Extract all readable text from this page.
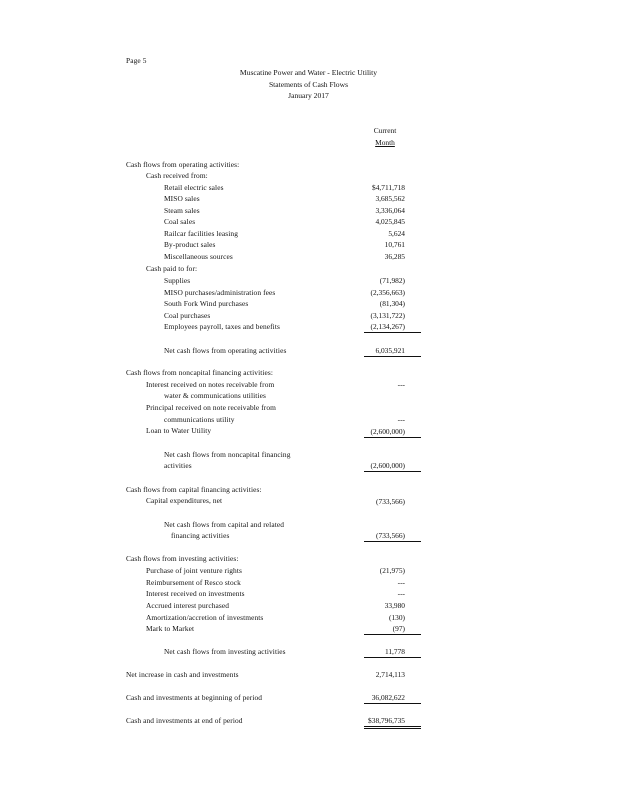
Page 5
Muscatine Power and Water - Electric Utility
Statements of Cash Flows
January 2017
Current
Month
Cash flows from operating activities:
Cash received from:
Retail electric sales	$4,711,718
MISO sales	3,685,562
Steam sales	3,336,064
Coal sales	4,025,845
Railcar facilities leasing	5,624
By-product sales	10,761
Miscellaneous sources	36,285
Cash paid to for:
Supplies	(71,982)
MISO purchases/administration fees	(2,356,663)
South Fork Wind purchases	(81,304)
Coal purchases	(3,131,722)
Employees payroll, taxes and benefits	(2,134,267)
Net cash flows from operating activities	6,035,921
Cash flows from noncapital financing activities:
Interest received on notes receivable from
water & communications utilities
---
Principal received on note receivable from
communications utility	---
Loan to Water Utility	(2,600,000)
Net cash flows from noncapital financing
activities	(2,600,000)
Cash flows from capital financing activities:
Capital expenditures, net	(733,566)
Net cash flows from capital and related
financing activities	(733,566)
Cash flows from investing activities:
Purchase of joint venture rights	(21,975)
Reimbursement of Resco stock	---
Interest received on investments	---
Accrued interest purchased	33,980
Amortization/accretion of investments	(130)
Mark to Market	(97)
Net cash flows from investing activities	11,778
Net increase in cash and investments	2,714,113
Cash and investments at beginning of period	36,082,622
Cash and investments at end of period	$38,796,735
